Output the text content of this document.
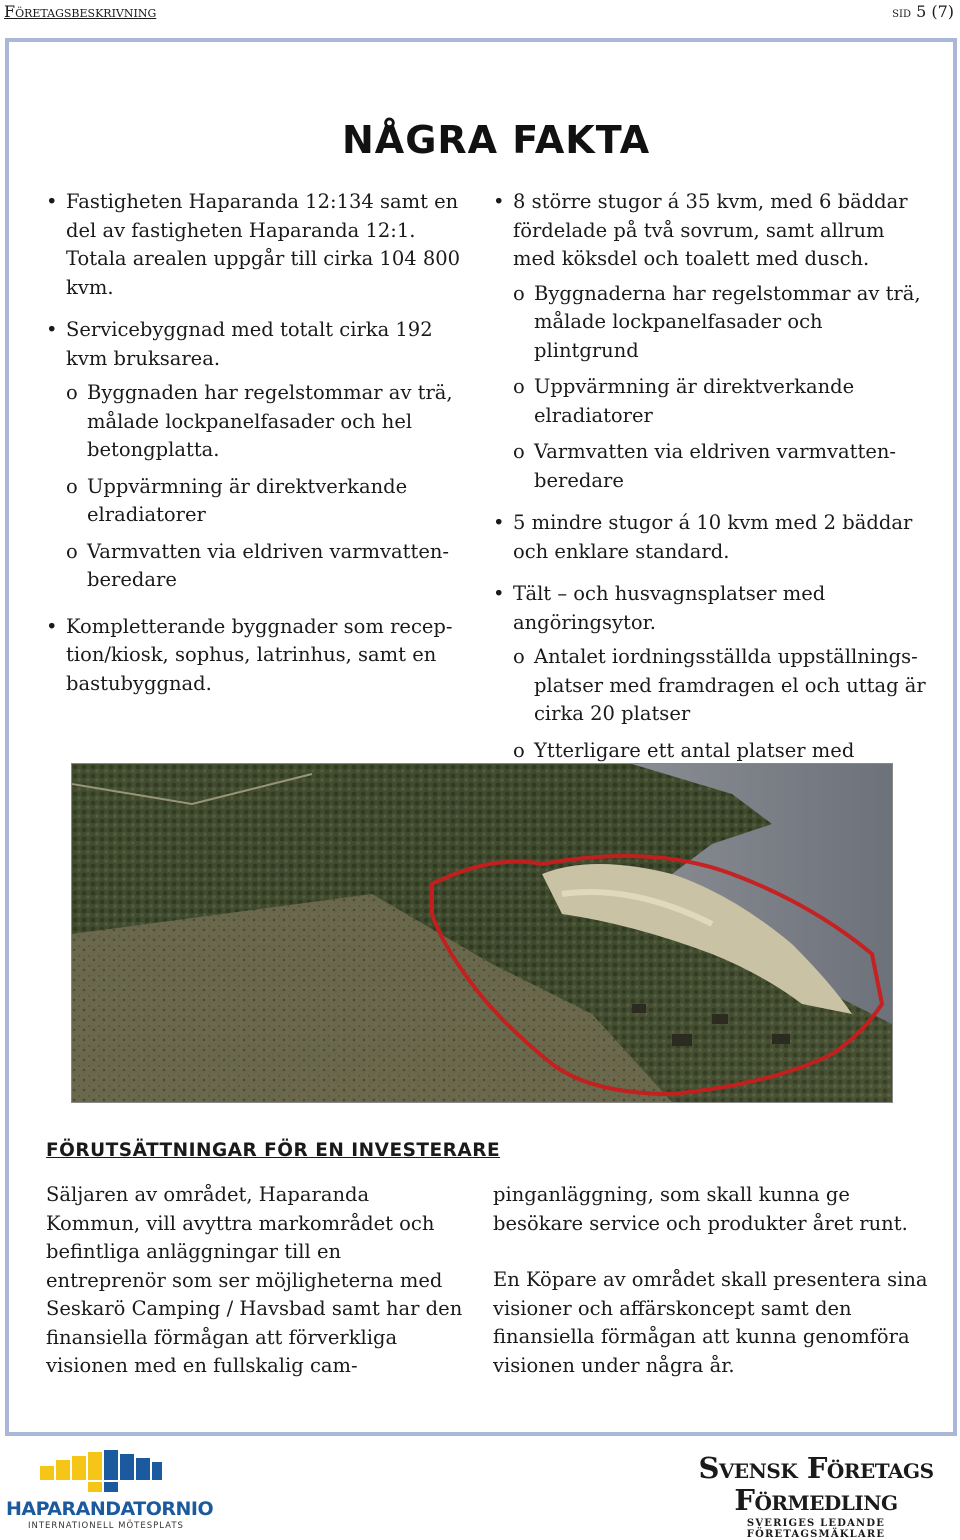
Företagsbeskrivning	sid 5 (7)
NÅGRA FAKTA
• Fastigheten Haparanda 12:134 samt en del av fastigheten Haparanda 12:1. Totala arealen uppgår till cirka 104 800 kvm.
• Servicebyggnad med totalt cirka 192 kvm bruksarea.
o Byggnaden har regelstommar av trä, målade lockpanelfasader och hel betongplatta.
o Uppvärmning är direktverkande elradiatorer
o Varmvatten via eldriven varmvatten-
beredare
• Kompletterande byggnader som recep-
tion/kiosk, sophus, latrinhus, samt en bastubyggnad.
• 8 större stugor á 35 kvm, med 6 bäddar fördelade på två sovrum, samt allrum med köksdel och toalett med dusch.
o Byggnaderna har regelstommar av trä, målade lockpanelfasader och plintgrund
o Uppvärmning är direktverkande elradiatorer
o Varmvatten via eldriven varmvatten-
beredare
• 5 mindre stugor á 10 kvm med 2 bäddar och enklare standard.
• Tält – och husvagnsplatser med angöringsytor.
o Antalet iordningsställda uppställnings-
platser med framdragen el och uttag är cirka 20 platser
o Ytterligare ett antal platser med
•
FÖRUTSÄTTNINGAR FÖR EN INVESTERARE

Säljaren av området, Haparanda Kommun, vill avyttra markområdet och befintliga anläggningar till en entreprenör som ser möjligheterna med Seskarö Camping / Havsbad samt har den finansiella förmågan att förverkliga visionen med en fullskalig cam-

pinganläggning, som skall kunna ge besökare service och produkter året runt.

En Köpare av området skall presentera sina visioner och affärskoncept samt den finansiella förmågan att kunna genomföra visionen under några år.

HAPARANDATORNIO
INTERNATIONELL MÖTESPLATS
Svensk Företags
Förmedling
SVERIGES LEDANDE FÖRETAGSMÄKLARE
